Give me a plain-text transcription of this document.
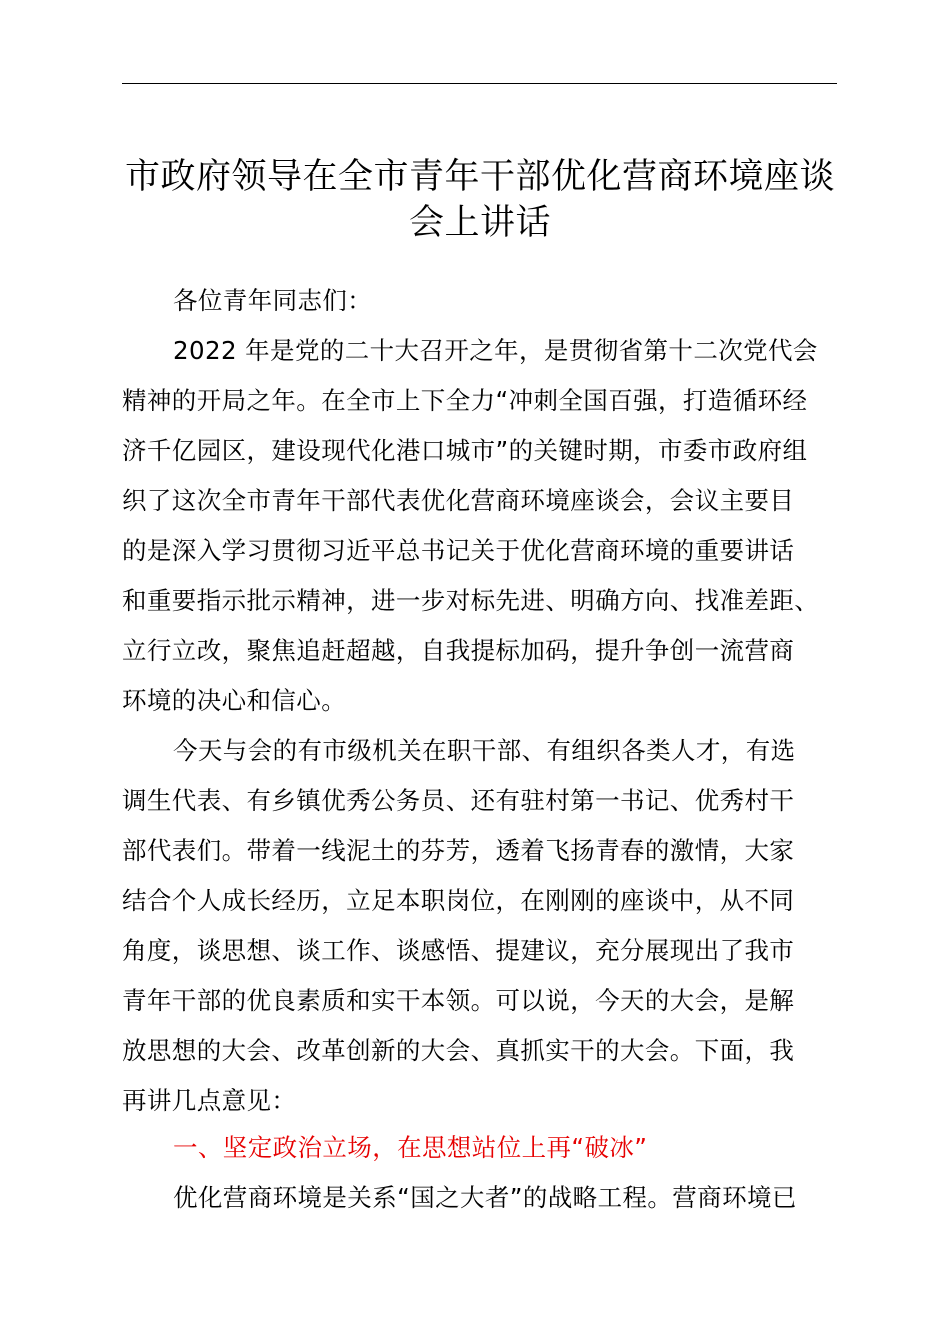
市政府领导在全市青年干部优化营商环境座谈
会上讲话
各位青年同志们：
2022 年是党的二十大召开之年，是贯彻省第十二次党代会
精神的开局之年。在全市上下全力“冲刺全国百强，打造循环经
济千亿园区，建设现代化港口城市”的关键时期，市委市政府组
织了这次全市青年干部代表优化营商环境座谈会，会议主要目
的是深入学习贯彻习近平总书记关于优化营商环境的重要讲话
和重要指示批示精神，进一步对标先进、明确方向、找准差距、
立行立改，聚焦追赶超越，自我提标加码，提升争创一流营商
环境的决心和信心。
今天与会的有市级机关在职干部、有组织各类人才，有选
调生代表、有乡镇优秀公务员、还有驻村第一书记、优秀村干
部代表们。带着一线泥土的芬芳，透着飞扬青春的激情，大家
结合个人成长经历，立足本职岗位，在刚刚的座谈中，从不同
角度，谈思想、谈工作、谈感悟、提建议，充分展现出了我市
青年干部的优良素质和实干本领。可以说，今天的大会，是解
放思想的大会、改革创新的大会、真抓实干的大会。下面，我
再讲几点意见：
一、坚定政治立场，在思想站位上再“破冰”
优化营商环境是关系“国之大者”的战略工程。营商环境已
